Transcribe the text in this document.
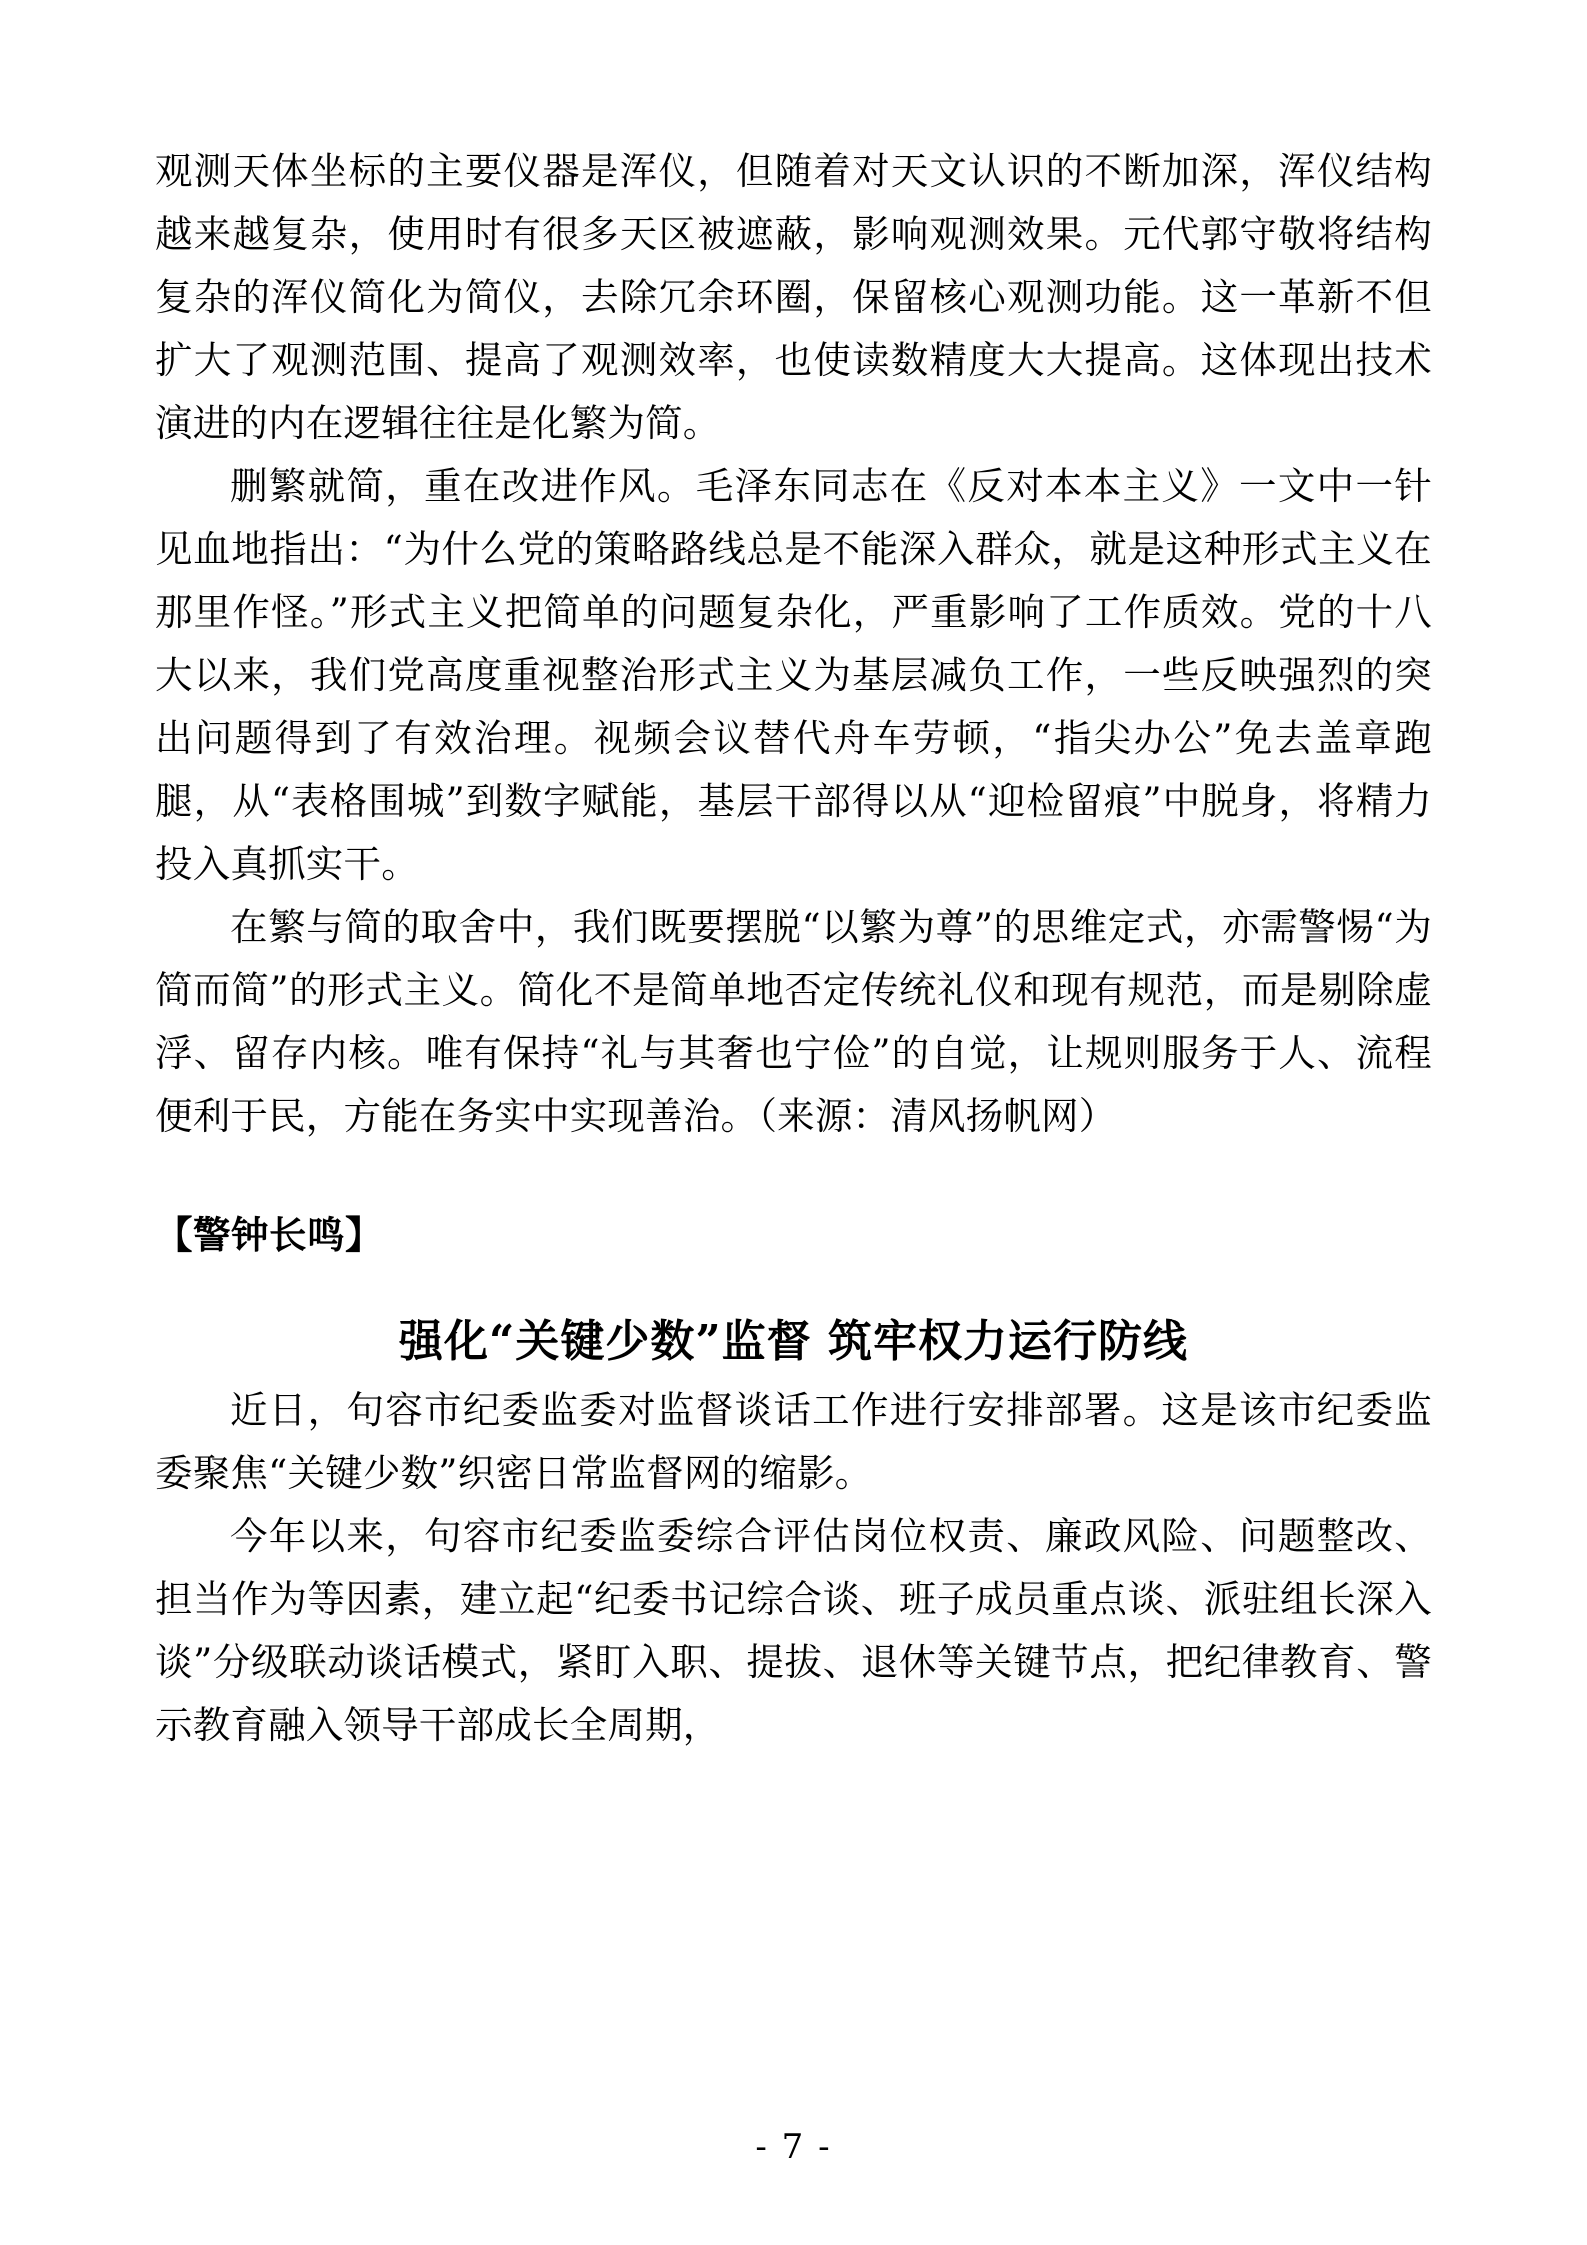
观测天体坐标的主要仪器是浑仪，但随着对天文认识的不断加深，浑仪结构越来越复杂，使用时有很多天区被遮蔽，影响观测效果。元代郭守敬将结构复杂的浑仪简化为简仪，去除冗余环圈，保留核心观测功能。这一革新不但扩大了观测范围、提高了观测效率，也使读数精度大大提高。这体现出技术演进的内在逻辑往往是化繁为简。

删繁就简，重在改进作风。毛泽东同志在《反对本本主义》一文中一针见血地指出：“为什么党的策略路线总是不能深入群众，就是这种形式主义在那里作怪。”形式主义把简单的问题复杂化，严重影响了工作质效。党的十八大以来，我们党高度重视整治形式主义为基层减负工作，一些反映强烈的突出问题得到了有效治理。视频会议替代舟车劳顿，“指尖办公”免去盖章跑腿，从“表格围城”到数字赋能，基层干部得以从“迎检留痕”中脱身，将精力投入真抓实干。

在繁与简的取舍中，我们既要摆脱“以繁为尊”的思维定式，亦需警惕“为简而简”的形式主义。简化不是简单地否定传统礼仪和现有规范，而是剔除虚浮、留存内核。唯有保持“礼与其奢也宁俭”的自觉，让规则服务于人、流程便利于民，方能在务实中实现善治。（来源：清风扬帆网）

【警钟长鸣】
强化“关键少数”监督 筑牢权力运行防线

近日，句容市纪委监委对监督谈话工作进行安排部署。这是该市纪委监委聚焦“关键少数”织密日常监督网的缩影。

今年以来，句容市纪委监委综合评估岗位权责、廉政风险、问题整改、担当作为等因素，建立起“纪委书记综合谈、班子成员重点谈、派驻组长深入谈”分级联动谈话模式，紧盯入职、提拔、退休等关键节点，把纪律教育、警示教育融入领导干部成长全周期，

- 7 -
